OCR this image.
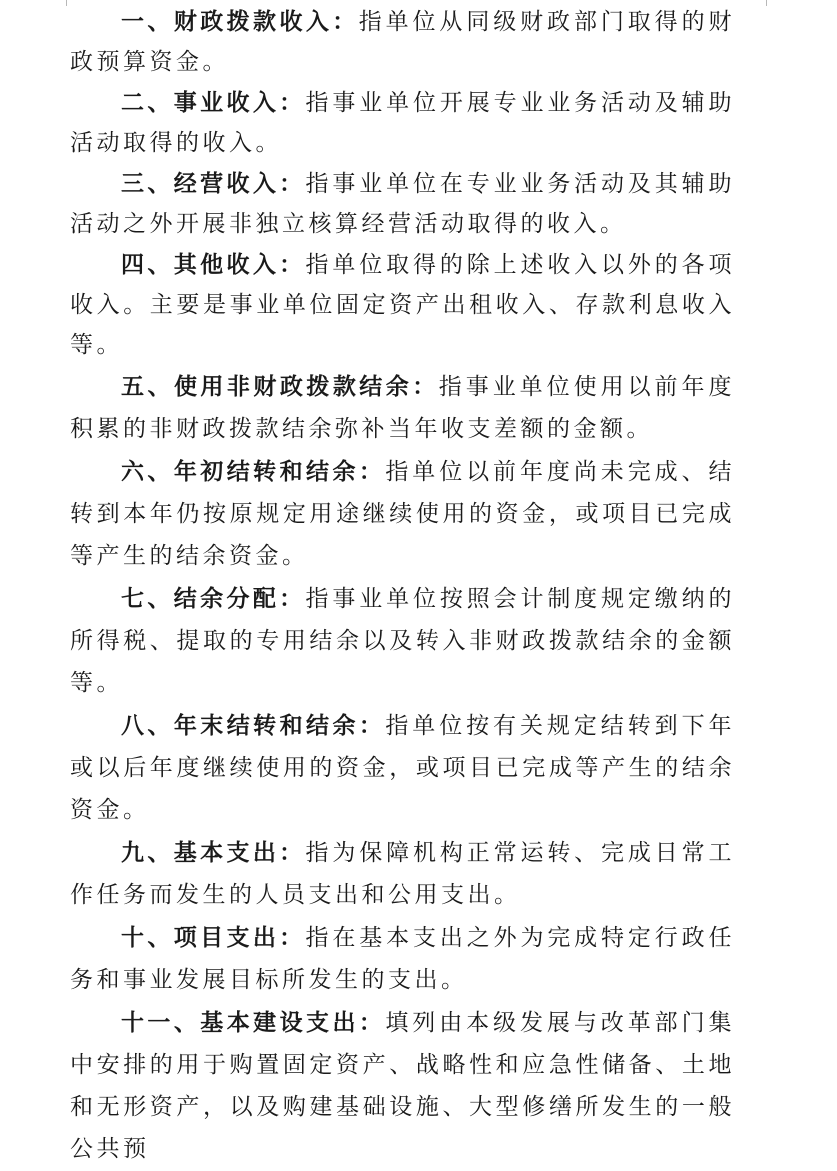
一、财政拨款收入：指单位从同级财政部门取得的财政预算资金。

二、事业收入：指事业单位开展专业业务活动及辅助活动取得的收入。

三、经营收入：指事业单位在专业业务活动及其辅助活动之外开展非独立核算经营活动取得的收入。

四、其他收入：指单位取得的除上述收入以外的各项收入。主要是事业单位固定资产出租收入、存款利息收入等。

五、使用非财政拨款结余：指事业单位使用以前年度积累的非财政拨款结余弥补当年收支差额的金额。

六、年初结转和结余：指单位以前年度尚未完成、结转到本年仍按原规定用途继续使用的资金，或项目已完成等产生的结余资金。

七、结余分配：指事业单位按照会计制度规定缴纳的所得税、提取的专用结余以及转入非财政拨款结余的金额等。

八、年末结转和结余：指单位按有关规定结转到下年或以后年度继续使用的资金，或项目已完成等产生的结余资金。

九、基本支出：指为保障机构正常运转、完成日常工作任务而发生的人员支出和公用支出。

十、项目支出：指在基本支出之外为完成特定行政任务和事业发展目标所发生的支出。

十一、基本建设支出：填列由本级发展与改革部门集中安排的用于购置固定资产、战略性和应急性储备、土地和无形资产，以及购建基础设施、大型修缮所发生的一般公共预
